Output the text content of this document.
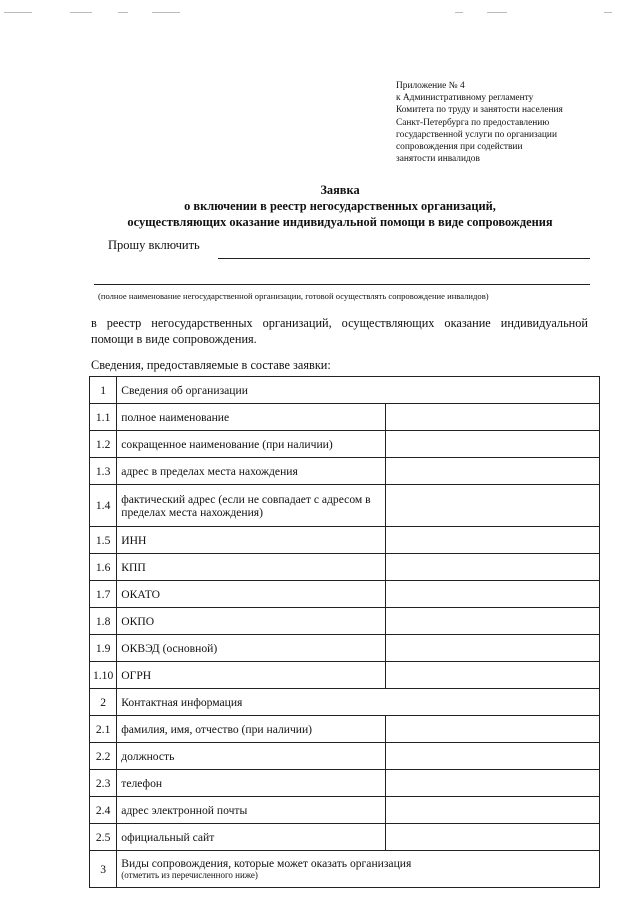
Приложение № 4
к Административному регламенту
Комитета по труду и занятости населения
Санкт-Петербурга по предоставлению
государственной услуги по организации
сопровождения при содействии
занятости инвалидов
Заявка
о включении в реестр негосударственных организаций,
осуществляющих оказание индивидуальной помощи в виде сопровождения
Прошу включить
(полное наименование негосударственной организации, готовой осуществлять сопровождение инвалидов)
в реестр негосударственных организаций, осуществляющих оказание индивидуальной помощи в виде сопровождения.
Сведения, предоставляемые в составе заявки:
1	Сведения об организации	
1.1	полное наименование	
1.2	сокращенное наименование (при наличии)	
1.3	адрес в пределах места нахождения	
1.4	фактический адрес (если не совпадает с адресом в пределах места нахождения)	
1.5	ИНН	
1.6	КПП	
1.7	ОКАТО	
1.8	ОКПО	
1.9	ОКВЭД (основной)	
1.10	ОГРН	
2	Контактная информация	
2.1	фамилия, имя, отчество (при наличии)	
2.2	должность	
2.3	телефон	
2.4	адрес электронной почты	
2.5	официальный сайт	
3	Виды сопровождения, которые может оказать организация
(отметить из перечисленного ниже)	
